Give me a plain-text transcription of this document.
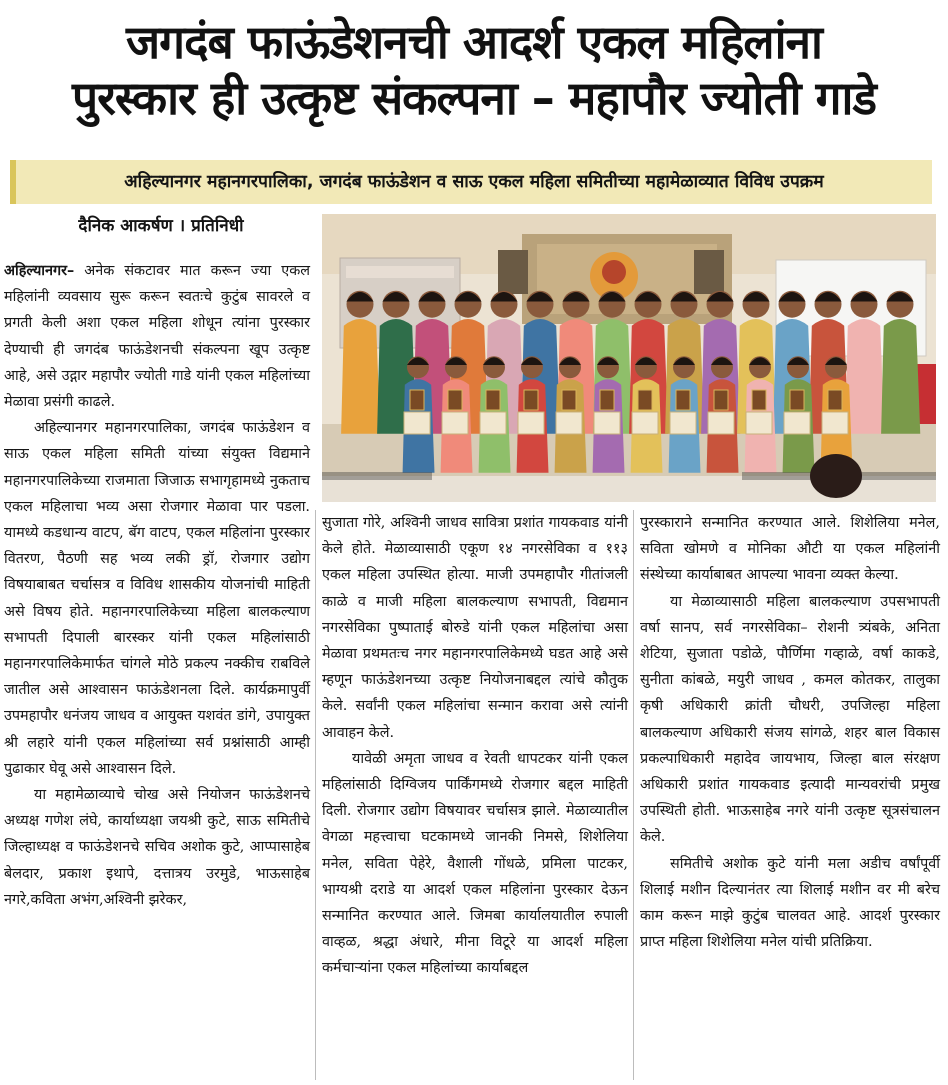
जगदंब फाऊंडेशनची आदर्श एकल महिलांना
पुरस्कार ही उत्कृष्ट संकल्पना – महापौर ज्योती गाडे
अहिल्यानगर महानगरपालिका, जगदंब फाऊंडेशन व साऊ एकल महिला समितीच्या महामेळाव्यात विविध उपक्रम
दैनिक आकर्षण । प्रतिनिधी

अहिल्यानगर– अनेक संकटावर मात करून ज्या एकल महिलांनी व्यवसाय सुरू करून स्वतःचे कुटुंब सावरले व प्रगती केली अशा एकल महिला शोधून त्यांना पुरस्कार देण्याची ही जगदंब फाऊंडेशनची संकल्पना खूप उत्कृष्ट आहे, असे उद्गार महापौर ज्योती गाडे यांनी एकल महिलांच्या मेळावा प्रसंगी काढले.

अहिल्यानगर महानगरपालिका, जगदंब फाऊंडेशन व साऊ एकल महिला समिती यांच्या संयुक्त विद्यमाने महानगरपालिकेच्या राजमाता जिजाऊ सभागृहामध्ये नुकताच एकल महिलाचा भव्य असा रोजगार मेळावा पार पडला. यामध्ये कडधान्य वाटप, बॅग वाटप, एकल महिलांना पुरस्कार वितरण, पैठणी सह भव्य लकी ड्रॉ, रोजगार उद्योग विषयाबाबत चर्चासत्र व विविध शासकीय योजनांची माहिती असे विषय होते. महानगरपालिकेच्या महिला बालकल्याण सभापती दिपाली बारस्कर यांनी एकल महिलांसाठी महानगरपालिकेमार्फत चांगले मोठे प्रकल्प नक्कीच राबविले जातील असे आश्वासन फाऊंडेशनला दिले. कार्यक्रमापुर्वी उपमहापौर धनंजय जाधव व आयुक्त यशवंत डांगे, उपायुक्त श्री लहारे यांनी एकल महिलांच्या सर्व प्रश्नांसाठी आम्ही पुढाकार घेवू असे आश्वासन दिले.

या महामेळाव्याचे चोख असे नियोजन फाऊंडेशनचे अध्यक्ष गणेश लंघे, कार्याध्यक्षा जयश्री कुटे, साऊ समितीचे जिल्हाध्यक्ष व फाऊंडेशनचे सचिव अशोक कुटे, आप्पासाहेब बेलदार, प्रकाश इथापे, दत्तात्रय उरमुडे, भाऊसाहेब नगरे,कविता अभंग,अश्विनी झरेकर,

सुजाता गोरे, अश्विनी जाधव सावित्रा प्रशांत गायकवाड यांनी केले होते. मेळाव्यासाठी एकूण १४ नगरसेविका व ११३ एकल महिला उपस्थित होत्या. माजी उपमहापौर गीतांजली काळे व माजी महिला बालकल्याण सभापती, विद्यमान नगरसेविका पुष्पाताई बोरुडे यांनी एकल महिलांचा असा मेळावा प्रथमतःच नगर महानगरपालिकेमध्ये घडत आहे असे म्हणून फाऊंडेशनच्या उत्कृष्ट नियोजनाबद्दल त्यांचे कौतुक केले. सर्वांनी एकल महिलांचा सन्मान करावा असे त्यांनी आवाहन केले.

यावेळी अमृता जाधव व रेवती धापटकर यांनी एकल महिलांसाठी दिग्विजय पार्किंगमध्ये रोजगार बद्दल माहिती दिली. रोजगार उद्योग विषयावर चर्चासत्र झाले. मेळाव्यातील वेगळा महत्त्वाचा घटकामध्ये जानकी निमसे, शिशेलिया मनेल, सविता पेहेरे, वैशाली गोंधळे, प्रमिला पाटकर, भाग्यश्री दराडे या आदर्श एकल महिलांना पुरस्कार देऊन सन्मानित करण्यात आले. जिमबा कार्यालयातील रुपाली वाव्हळ, श्रद्धा अंधारे, मीना विटूरे या आदर्श महिला कर्मचाऱ्यांना एकल महिलांच्या कार्याबद्दल

पुरस्काराने सन्मानित करण्यात आले. शिशेलिया मनेल, सविता खोमणे व मोनिका औटी या एकल महिलांनी संस्थेच्या कार्याबाबत आपल्या भावना व्यक्त केल्या.

या मेळाव्यासाठी महिला बालकल्याण उपसभापती वर्षा सानप, सर्व नगरसेविका– रोशनी त्र्यंबके, अनिता शेटिया, सुजाता पडोळे, पौर्णिमा गव्हाळे, वर्षा काकडे, सुनीता कांबळे, मयुरी जाधव , कमल कोतकर, तालुका कृषी अधिकारी क्रांती चौधरी, उपजिल्हा महिला बालकल्याण अधिकारी संजय सांगळे, शहर बाल विकास प्रकल्पाधिकारी महादेव जायभाय, जिल्हा बाल संरक्षण अधिकारी प्रशांत गायकवाड इत्यादी मान्यवरांची प्रमुख उपस्थिती होती. भाऊसाहेब नगरे यांनी उत्कृष्ट सूत्रसंचालन केले.

समितीचे अशोक कुटे यांनी मला अडीच वर्षांपूर्वी शिलाई मशीन दिल्यानंतर त्या शिलाई मशीन वर मी बरेच काम करून माझे कुटुंब चालवत आहे. आदर्श पुरस्कार प्राप्त महिला शिशेलिया मनेल यांची प्रतिक्रिया.
